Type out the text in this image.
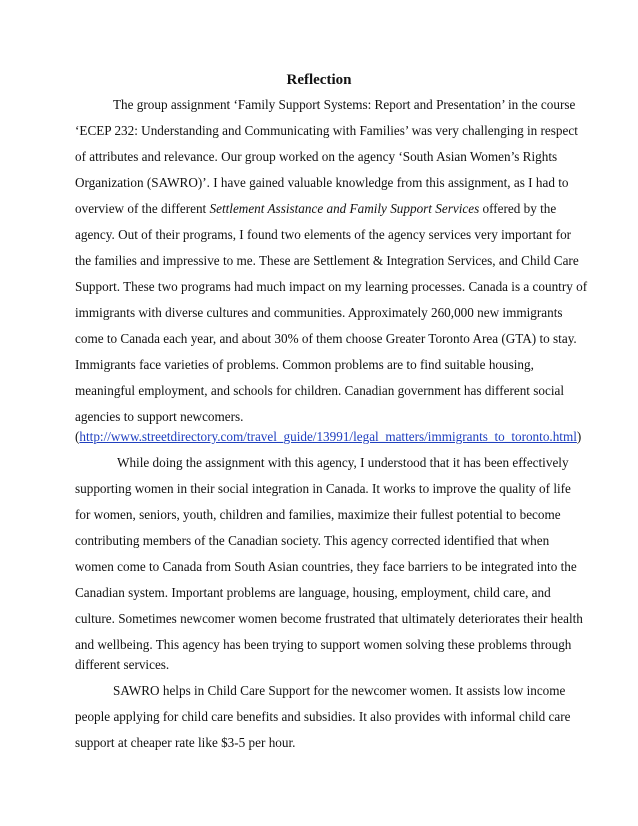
Reflection
The group assignment ‘Family Support Systems: Report and Presentation’ in the course
‘ECEP 232: Understanding and Communicating with Families’ was very challenging in respect
of attributes and relevance. Our group worked on the agency ‘South Asian Women’s Rights
Organization (SAWRO)’. I have gained valuable knowledge from this assignment, as I had to
overview of the different Settlement Assistance and Family Support Services offered by the
agency. Out of their programs, I found two elements of the agency services very important for
the families and impressive to me. These are Settlement & Integration Services, and Child Care
Support. These two programs had much impact on my learning processes. Canada is a country of
immigrants with diverse cultures and communities. Approximately 260,000 new immigrants
come to Canada each year, and about 30% of them choose Greater Toronto Area (GTA) to stay.
Immigrants face varieties of problems. Common problems are to find suitable housing,
meaningful employment, and schools for children. Canadian government has different social
agencies to support newcomers.
(http://www.streetdirectory.com/travel_guide/13991/legal_matters/immigrants_to_toronto.html)
While doing the assignment with this agency, I understood that it has been effectively
supporting women in their social integration in Canada. It works to improve the quality of life
for women, seniors, youth, children and families, maximize their fullest potential to become
contributing members of the Canadian society. This agency corrected identified that when
women come to Canada from South Asian countries, they face barriers to be integrated into the
Canadian system. Important problems are language, housing, employment, child care, and
culture. Sometimes newcomer women become frustrated that ultimately deteriorates their health
and wellbeing. This agency has been trying to support women solving these problems through
different services.
SAWRO helps in Child Care Support for the newcomer women. It assists low income
people applying for child care benefits and subsidies. It also provides with informal child care
support at cheaper rate like $3-5 per hour.
